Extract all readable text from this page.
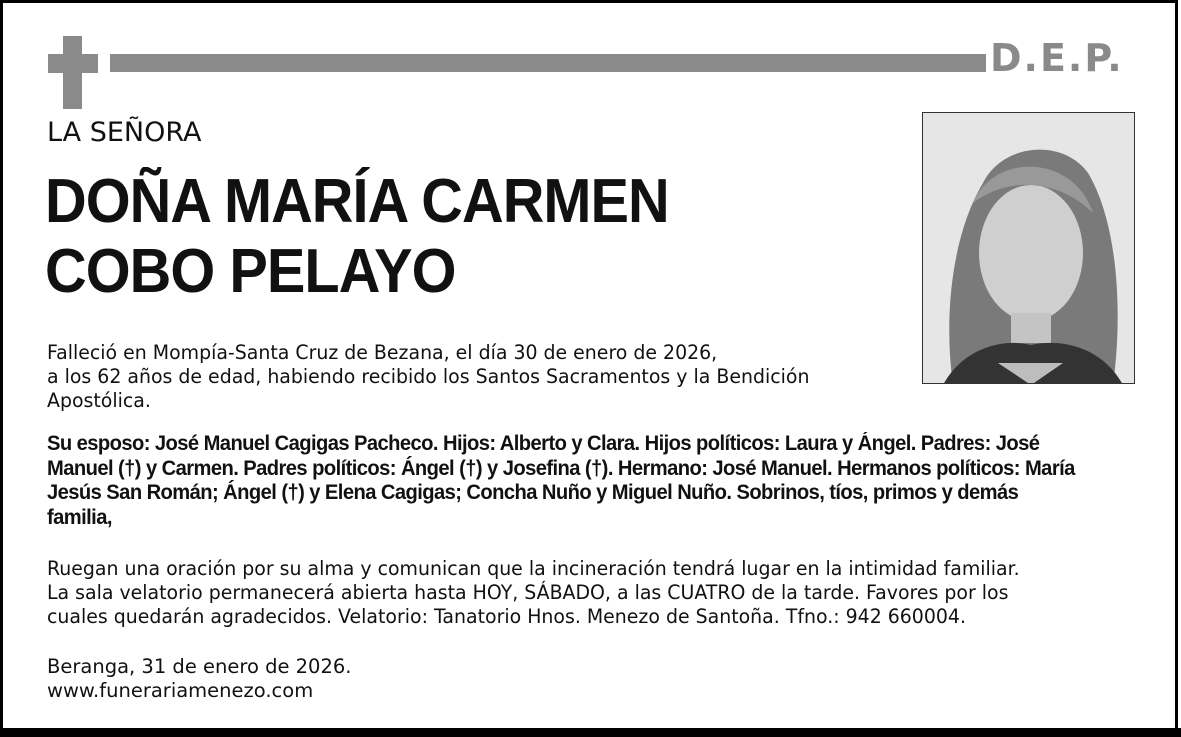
D.E.P.
LA SEÑORA
DOÑA MARÍA CARMEN
COBO PELAYO
Falleció en Mompía-Santa Cruz de Bezana, el día 30 de enero de 2026,
a los 62 años de edad, habiendo recibido los Santos Sacramentos y la Bendición
Apostólica.
Su esposo: José Manuel Cagigas Pacheco. Hijos: Alberto y Clara. Hijos políticos: Laura y Ángel. Padres: José Manuel (†) y Carmen. Padres políticos: Ángel (†) y Josefina (†). Hermano: José Manuel. Hermanos políticos: María Jesús San Román; Ángel (†) y Elena Cagigas; Concha Nuño y Miguel Nuño. Sobrinos, tíos, primos y demás familia,
Ruegan una oración por su alma y comunican que la incineración tendrá lugar en la intimidad familiar.
La sala velatorio permanecerá abierta hasta HOY, SÁBADO, a las CUATRO de la tarde. Favores por los
cuales quedarán agradecidos. Velatorio: Tanatorio Hnos. Menezo de Santoña. Tfno.: 942 660004.
Beranga, 31 de enero de 2026.
www.funerariamenezo.com
